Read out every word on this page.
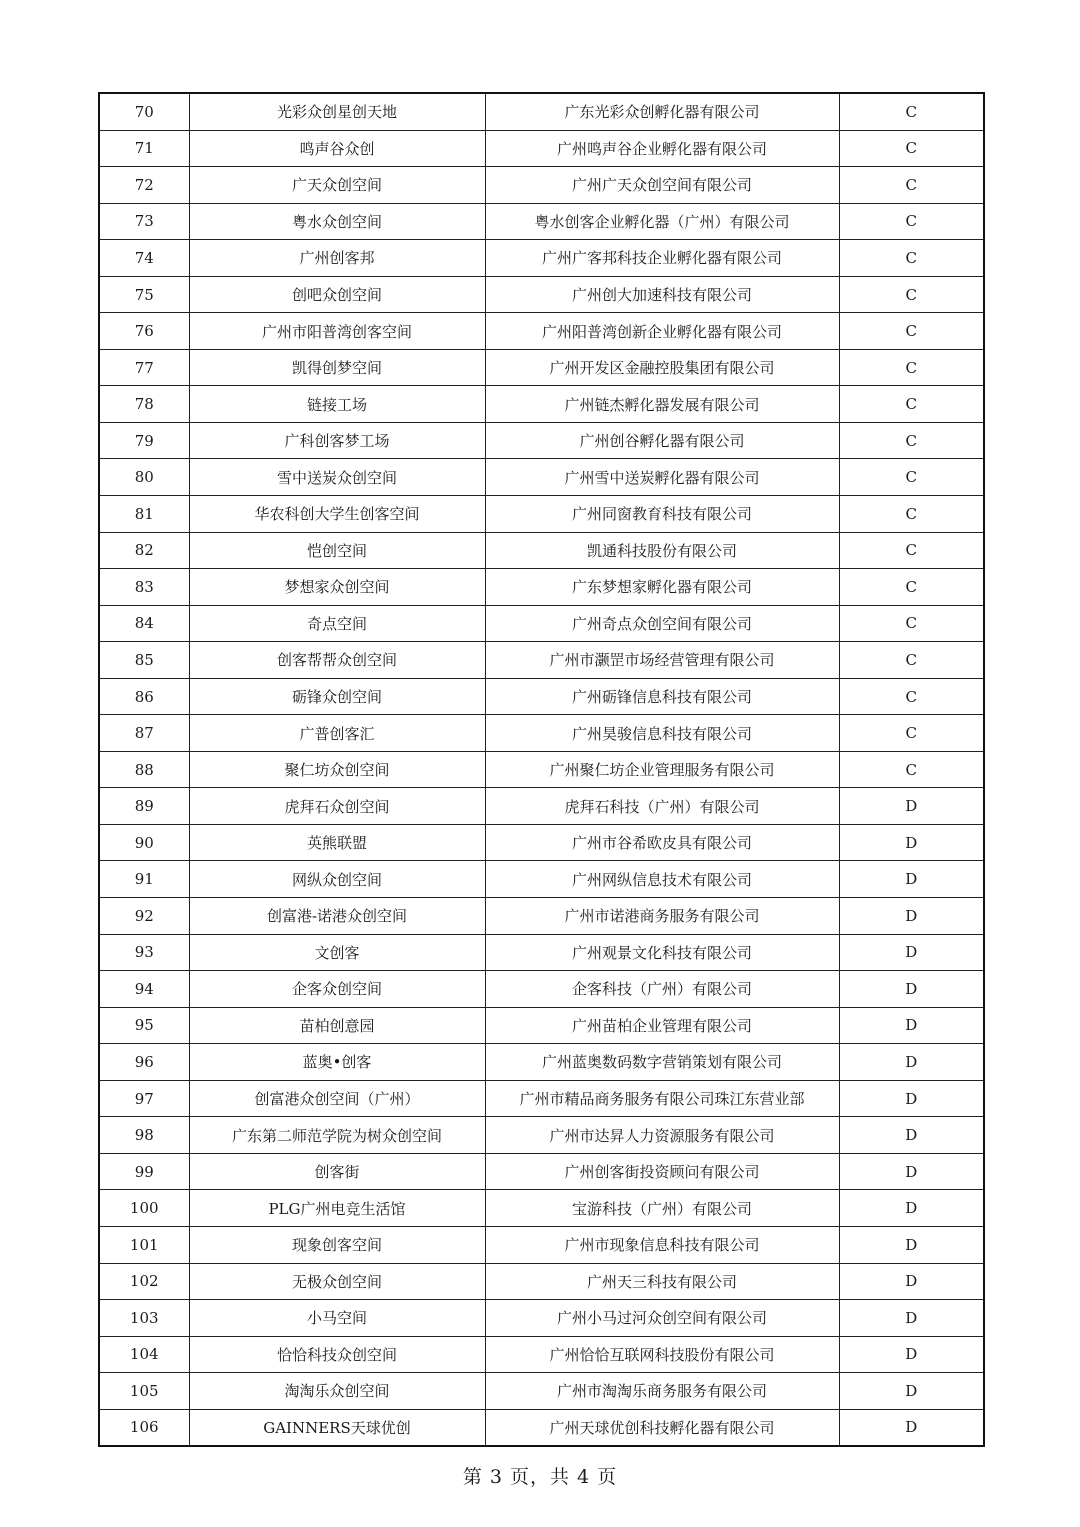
70	光彩众创星创天地	广东光彩众创孵化器有限公司	C
71	鸣声谷众创	广州鸣声谷企业孵化器有限公司	C
72	广天众创空间	广州广天众创空间有限公司	C
73	粤水众创空间	粤水创客企业孵化器（广州）有限公司	C
74	广州创客邦	广州广客邦科技企业孵化器有限公司	C
75	创吧众创空间	广州创大加速科技有限公司	C
76	广州市阳普湾创客空间	广州阳普湾创新企业孵化器有限公司	C
77	凯得创梦空间	广州开发区金融控股集团有限公司	C
78	链接工场	广州链杰孵化器发展有限公司	C
79	广科创客梦工场	广州创谷孵化器有限公司	C
80	雪中送炭众创空间	广州雪中送炭孵化器有限公司	C
81	华农科创大学生创客空间	广州同窗教育科技有限公司	C
82	恺创空间	凯通科技股份有限公司	C
83	梦想家众创空间	广东梦想家孵化器有限公司	C
84	奇点空间	广州奇点众创空间有限公司	C
85	创客帮帮众创空间	广州市灏罡市场经营管理有限公司	C
86	砺锋众创空间	广州砺锋信息科技有限公司	C
87	广普创客汇	广州昊骏信息科技有限公司	C
88	聚仁坊众创空间	广州聚仁坊企业管理服务有限公司	C
89	虎拜石众创空间	虎拜石科技（广州）有限公司	D
90	英熊联盟	广州市谷希欧皮具有限公司	D
91	网纵众创空间	广州网纵信息技术有限公司	D
92	创富港-诺港众创空间	广州市诺港商务服务有限公司	D
93	文创客	广州观景文化科技有限公司	D
94	企客众创空间	企客科技（广州）有限公司	D
95	苗柏创意园	广州苗柏企业管理有限公司	D
96	蓝奥•创客	广州蓝奥数码数字营销策划有限公司	D
97	创富港众创空间（广州）	广州市精品商务服务有限公司珠江东营业部	D
98	广东第二师范学院为树众创空间	广州市达昇人力资源服务有限公司	D
99	创客街	广州创客街投资顾问有限公司	D
100	PLG广州电竞生活馆	宝游科技（广州）有限公司	D
101	现象创客空间	广州市现象信息科技有限公司	D
102	无极众创空间	广州天三科技有限公司	D
103	小马空间	广州小马过河众创空间有限公司	D
104	恰恰科技众创空间	广州恰恰互联网科技股份有限公司	D
105	淘淘乐众创空间	广州市淘淘乐商务服务有限公司	D
106	GAINNERS天球优创	广州天球优创科技孵化器有限公司	D
第 3 页，共 4 页
